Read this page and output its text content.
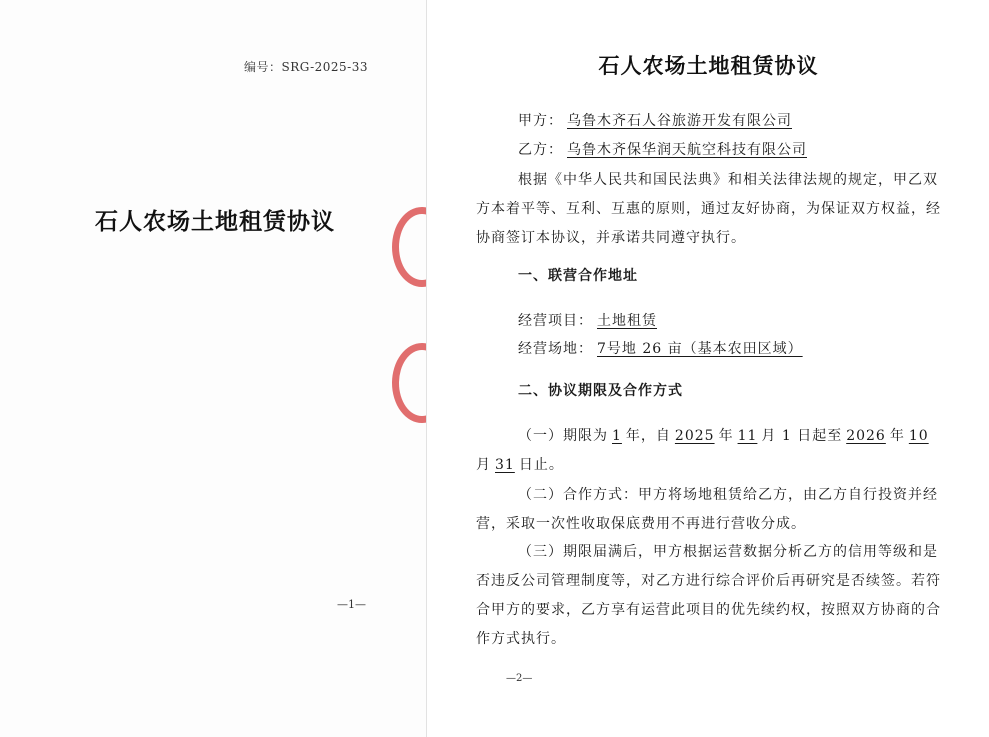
编号：SRG-2025-33
石人农场土地租赁协议
—1—
石人农场土地租赁协议
甲方： 乌鲁木齐石人谷旅游开发有限公司
乙方： 乌鲁木齐保华润天航空科技有限公司
根据《中华人民共和国民法典》和相关法律法规的规定，甲乙双方本着平等、互利、互惠的原则，通过友好协商，为保证双方权益，经协商签订本协议，并承诺共同遵守执行。
一、联营合作地址
经营项目： 土地租赁
经营场地： 7号地 26 亩（基本农田区域）
二、协议期限及合作方式
（一）期限为 1 年，自 2025 年 11 月 1 日起至 2026 年 10月 31 日止。
（二）合作方式：甲方将场地租赁给乙方，由乙方自行投资并经营，采取一次性收取保底费用不再进行营收分成。
（三）期限届满后，甲方根据运营数据分析乙方的信用等级和是否违反公司管理制度等，对乙方进行综合评价后再研究是否续签。若符合甲方的要求，乙方享有运营此项目的优先续约权，按照双方协商的合作方式执行。
—2—
